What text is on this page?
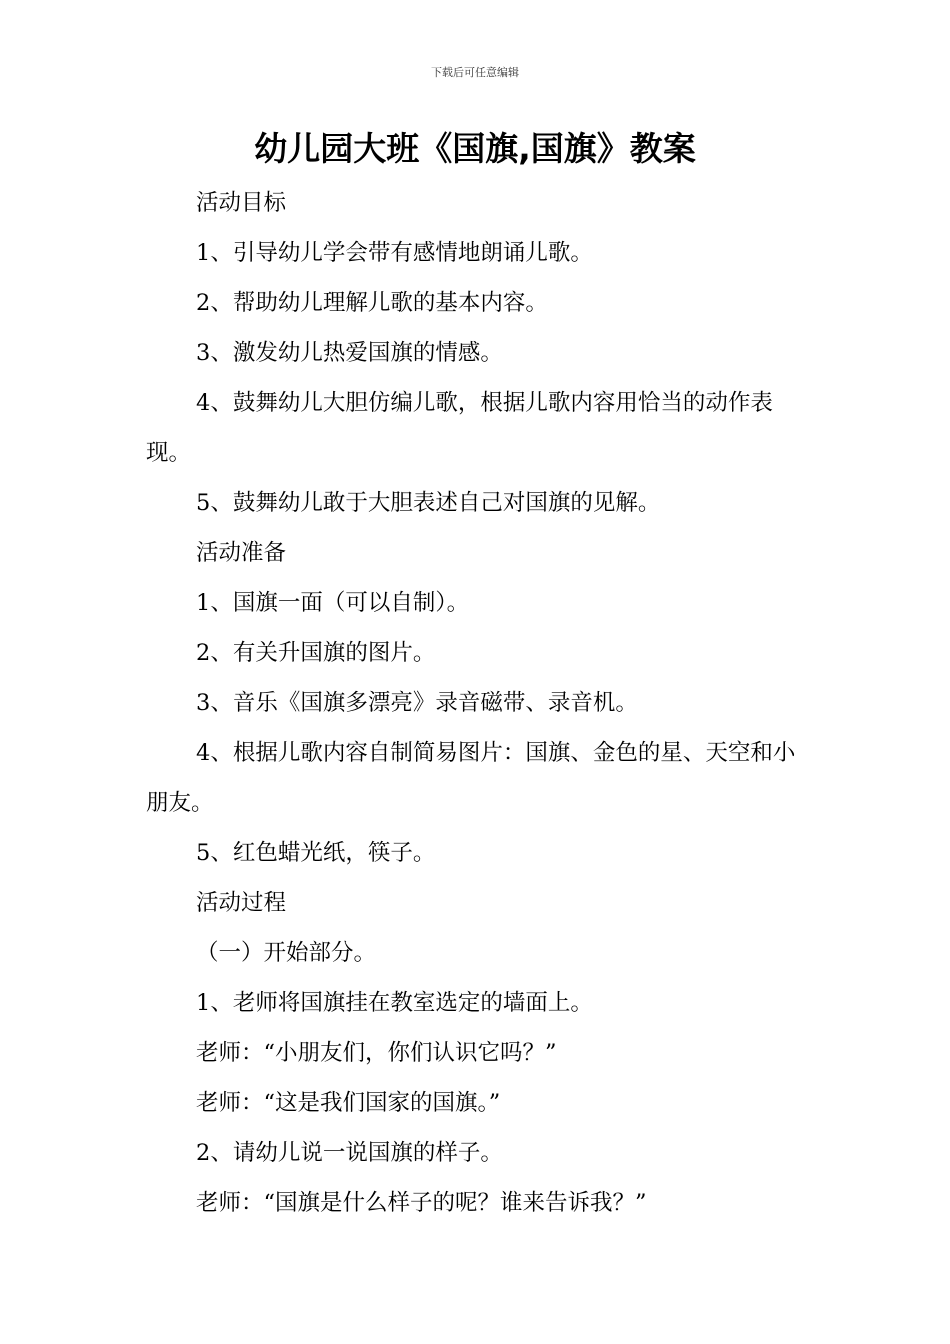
下载后可任意编辑
幼儿园大班《国旗,国旗》教案

活动目标

1、引导幼儿学会带有感情地朗诵儿歌。

2、帮助幼儿理解儿歌的基本内容。

3、激发幼儿热爱国旗的情感。

4、鼓舞幼儿大胆仿编儿歌，根据儿歌内容用恰当的动作表现。

5、鼓舞幼儿敢于大胆表述自己对国旗的见解。

活动准备

1、国旗一面（可以自制）。

2、有关升国旗的图片。

3、音乐《国旗多漂亮》录音磁带、录音机。

4、根据儿歌内容自制简易图片：国旗、金色的星、天空和小朋友。

5、红色蜡光纸，筷子。

活动过程

（一）开始部分。

1、老师将国旗挂在教室选定的墙面上。

老师：“小朋友们，你们认识它吗？”

老师：“这是我们国家的国旗。”

2、请幼儿说一说国旗的样子。

老师：“国旗是什么样子的呢？谁来告诉我？”
